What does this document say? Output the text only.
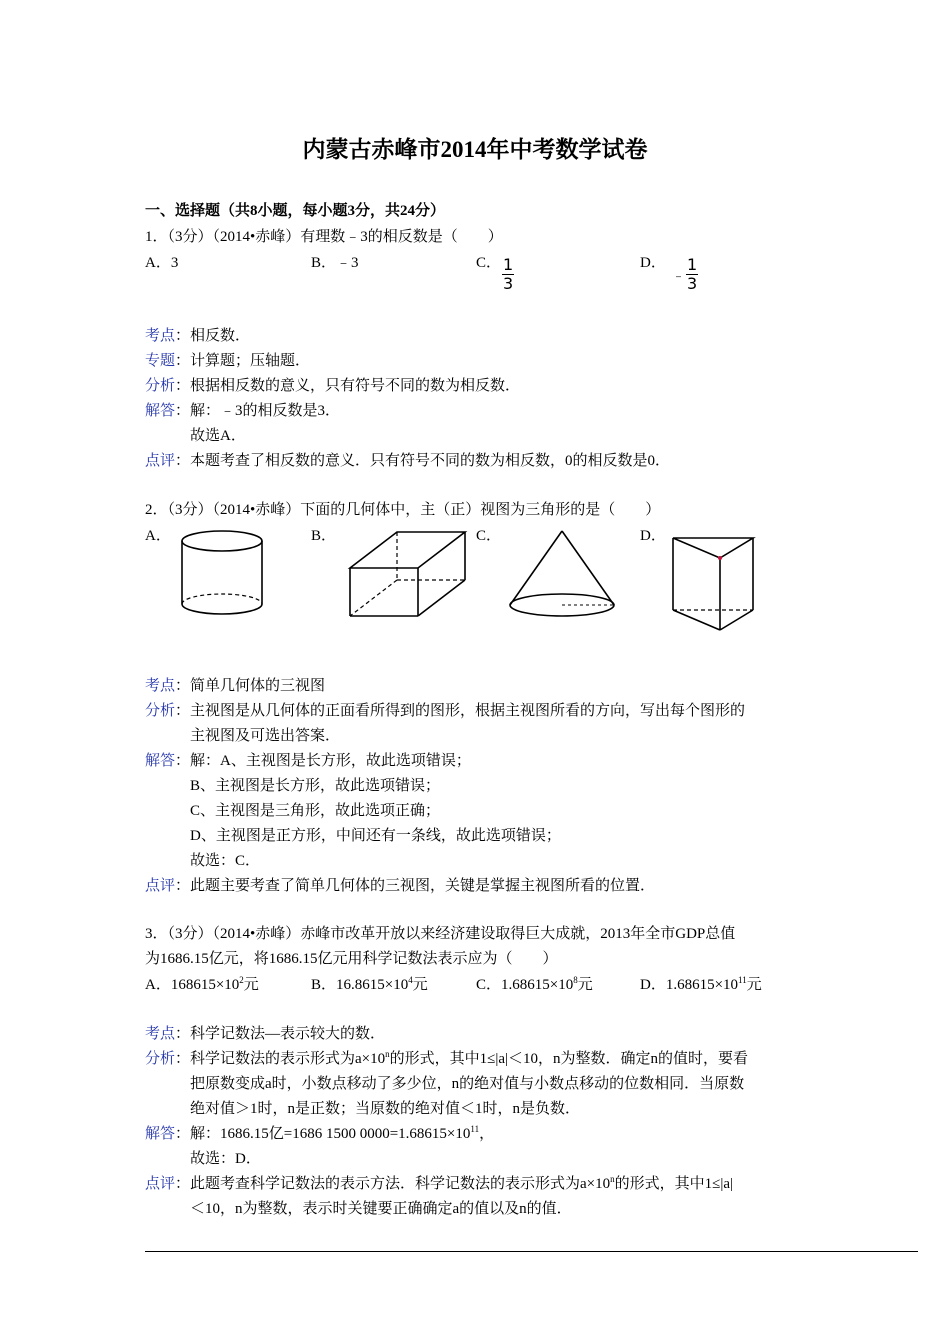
内蒙古赤峰市2014年中考数学试卷
一、选择题（共8小题，每小题3分，共24分）
1．（3分）（2014•赤峰）有理数﹣3的相反数是（　　）
A．3	B．﹣3	C． $\frac{1}{3}$	D．
﹣ $\frac{1}{3}$
考点：相反数．
专题：计算题；压轴题．
分析：根据相反数的意义，只有符号不同的数为相反数．
解答：解：﹣3的相反数是3．
故选A．
点评：本题考查了相反数的意义．只有符号不同的数为相反数，0的相反数是0．
2．（3分）（2014•赤峰）下面的几何体中，主（正）视图为三角形的是（　　）
A．	B．	C．	D．
考点：简单几何体的三视图
分析：主视图是从几何体的正面看所得到的图形，根据主视图所看的方向，写出每个图形的
主视图及可选出答案．
解答：解：A、主视图是长方形，故此选项错误；
B、主视图是长方形，故此选项错误；
C、主视图是三角形，故此选项正确；
D、主视图是正方形，中间还有一条线，故此选项错误；
故选：C．
点评：此题主要考查了简单几何体的三视图，关键是掌握主视图所看的位置．
3．（3分）（2014•赤峰）赤峰市改革开放以来经济建设取得巨大成就，2013年全市GDP总值
为1686.15亿元，将1686.15亿元用科学记数法表示应为（　　）
A．$168615\times 10^2$元	B．$16.8615\times 10^4$元	C．$1.68615\times 10^8$元	D．$1.68615\times 10^{11}$元
考点：科学记数法—表示较大的数．
分析：科学记数法的表示形式为$a\times 10^n$的形式，其中1≤|a|＜10，n为整数．确定n的值时，要看
把原数变成a时，小数点移动了多少位，n的绝对值与小数点移动的位数相同．当原数
绝对值＞1时，n是正数；当原数的绝对值＜1时，n是负数．
解答：解：1686.15亿=1686 1500 $0000=1.68615\times 10^{11}$，
故选：D．
点评：此题考查科学记数法的表示方法．科学记数法的表示形式为$a\times 10^n$的形式，其中1≤|a|
＜10，n为整数，表示时关键要正确确定a的值以及n的值．
